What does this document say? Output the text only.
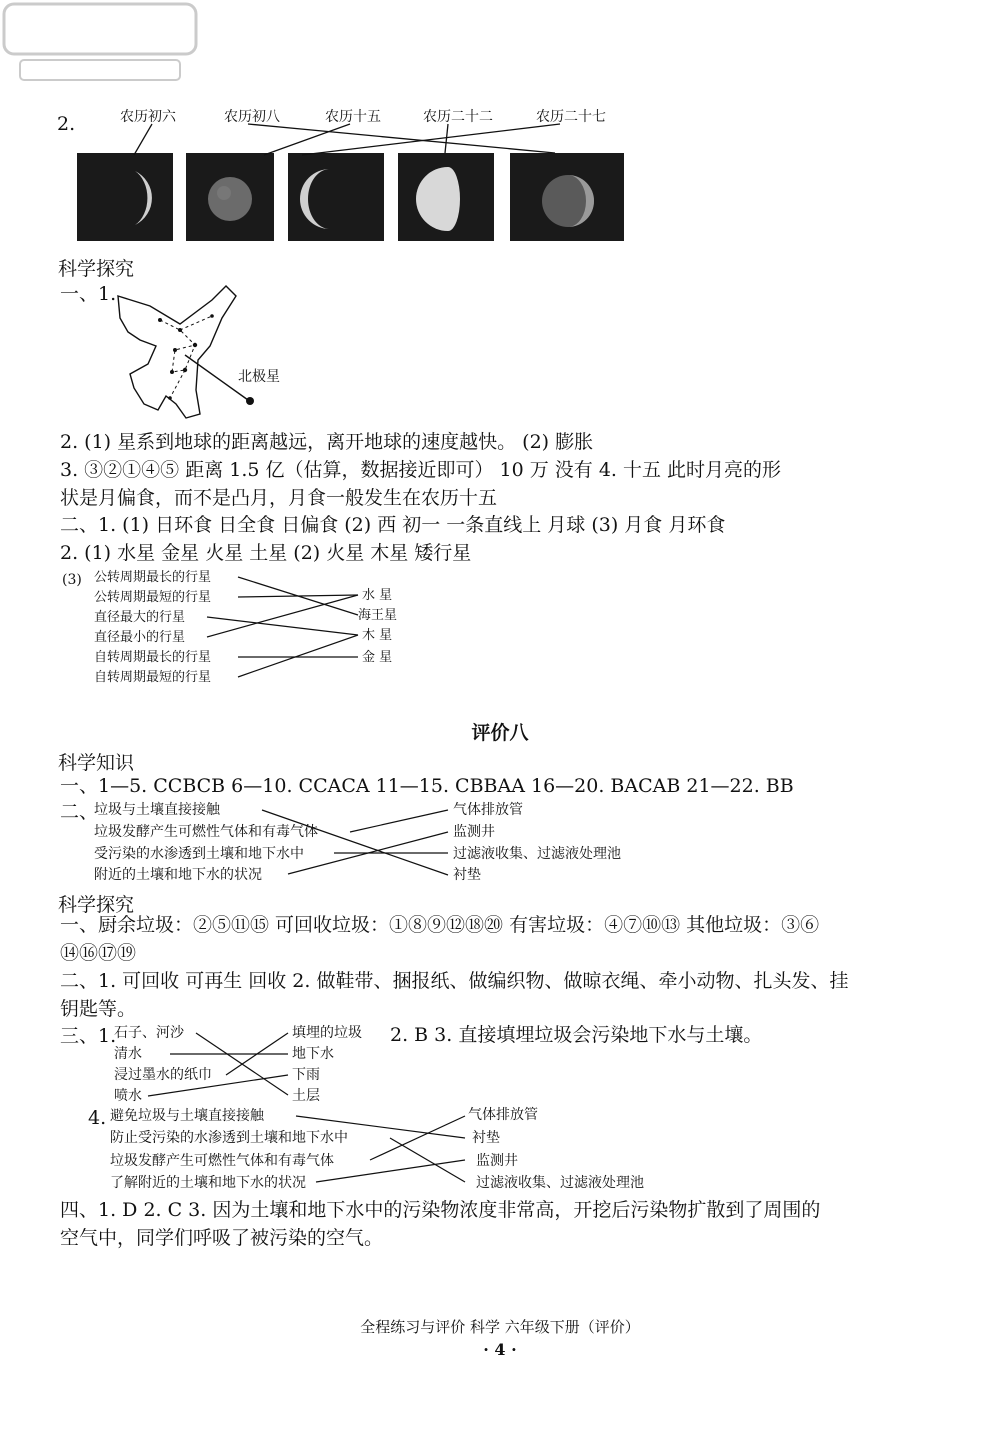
2.	农历初六	农历初八	农历十五	农历二十二	农历二十七
科学探究
一、1.
北极星
2. (1) 星系到地球的距离越远，离开地球的速度越快。 (2) 膨胀
3. ③②①④⑤ 距离 1.5 亿（估算，数据接近即可） 10 万 没有 4. 十五 此时月亮的形
状是月偏食，而不是凸月，月食一般发生在农历十五
二、1. (1) 日环食 日全食 日偏食 (2) 西 初一 一条直线上 月球 (3) 月食 月环食
2. (1) 水星 金星 火星 土星 (2) 火星 木星 矮行星
(3) 公转周期最长的行星
公转周期最短的行星
直径最大的行星
直径最小的行星
自转周期最长的行星
自转周期最短的行星
水 星
海王星
木 星
金 星
评价八
科学知识
一、1—5. CCBCB 6—10. CCACA 11—15. CBBAA 16—20. BACAB 21—22. BB
二、
垃圾与土壤直接接触
垃圾发酵产生可燃性气体和有毒气体
受污染的水渗透到土壤和地下水中
附近的土壤和地下水的状况
气体排放管
监测井
过滤液收集、过滤液处理池
衬垫
科学探究
一、厨余垃圾：②⑤⑪⑮ 可回收垃圾：①⑧⑨⑫⑱⑳ 有害垃圾：④⑦⑩⑬ 其他垃圾：③⑥
⑭⑯⑰⑲
二、1. 可回收 可再生 回收 2. 做鞋带、捆报纸、做编织物、做晾衣绳、牵小动物、扎头发、挂
钥匙等。
三、1.
石子、河沙
清水
浸过墨水的纸巾
喷水
填埋的垃圾
地下水
下雨
土层
2. B 3. 直接填埋垃圾会污染地下水与土壤。
4. 避免垃圾与土壤直接接触
防止受污染的水渗透到土壤和地下水中
垃圾发酵产生可燃性气体和有毒气体
了解附近的土壤和地下水的状况
气体排放管
衬垫
监测井
过滤液收集、过滤液处理池
四、1. D 2. C 3. 因为土壤和地下水中的污染物浓度非常高，开挖后污染物扩散到了周围的
空气中，同学们呼吸了被污染的空气。
全程练习与评价 科学 六年级下册（评价）
· 4 ·
